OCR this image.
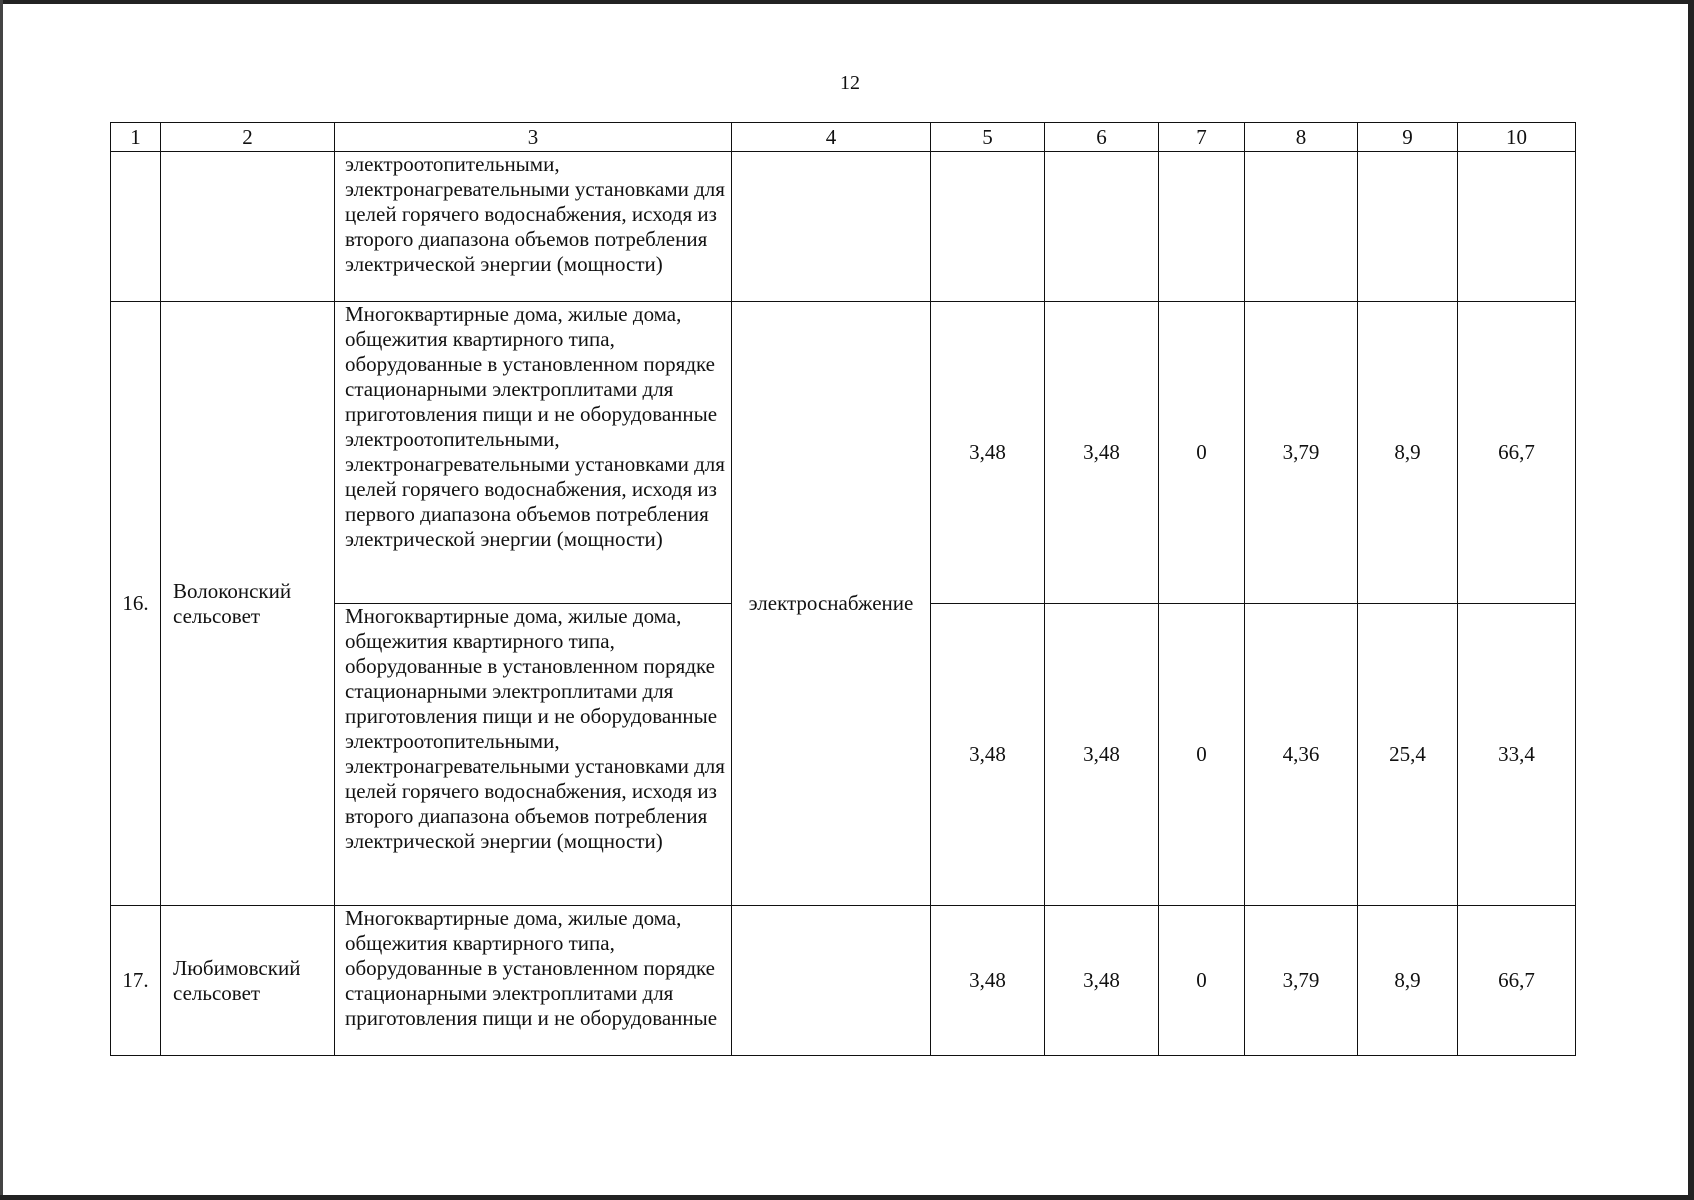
12
1	2	3	4	5	6	7	8	9	10
		электроотопительными, электронагревательными установками для целей горячего водоснабжения, исходя из второго диапазона объемов потребления электрической энергии (мощности)							
16.	Волоконский сельсовет	Многоквартирные дома, жилые дома, общежития квартирного типа, оборудованные в установленном порядке стационарными электроплитами для приготовления пищи и не оборудованные электроотопительными, электронагревательными установками для целей горячего водоснабжения, исходя из первого диапазона объемов потребления электрической энергии (мощности)	электроснабжение	3,48	3,48	0	3,79	8,9	66,7
		Многоквартирные дома, жилые дома, общежития квартирного типа, оборудованные в установленном порядке стационарными электроплитами для приготовления пищи и не оборудованные электроотопительными, электронагревательными установками для целей горячего водоснабжения, исходя из второго диапазона объемов потребления электрической энергии (мощности)		3,48	3,48	0	4,36	25,4	33,4
17.	Любимовский сельсовет	Многоквартирные дома, жилые дома, общежития квартирного типа, оборудованные в установленном порядке стационарными электроплитами для приготовления пищи и не оборудованные		3,48	3,48	0	3,79	8,9	66,7
